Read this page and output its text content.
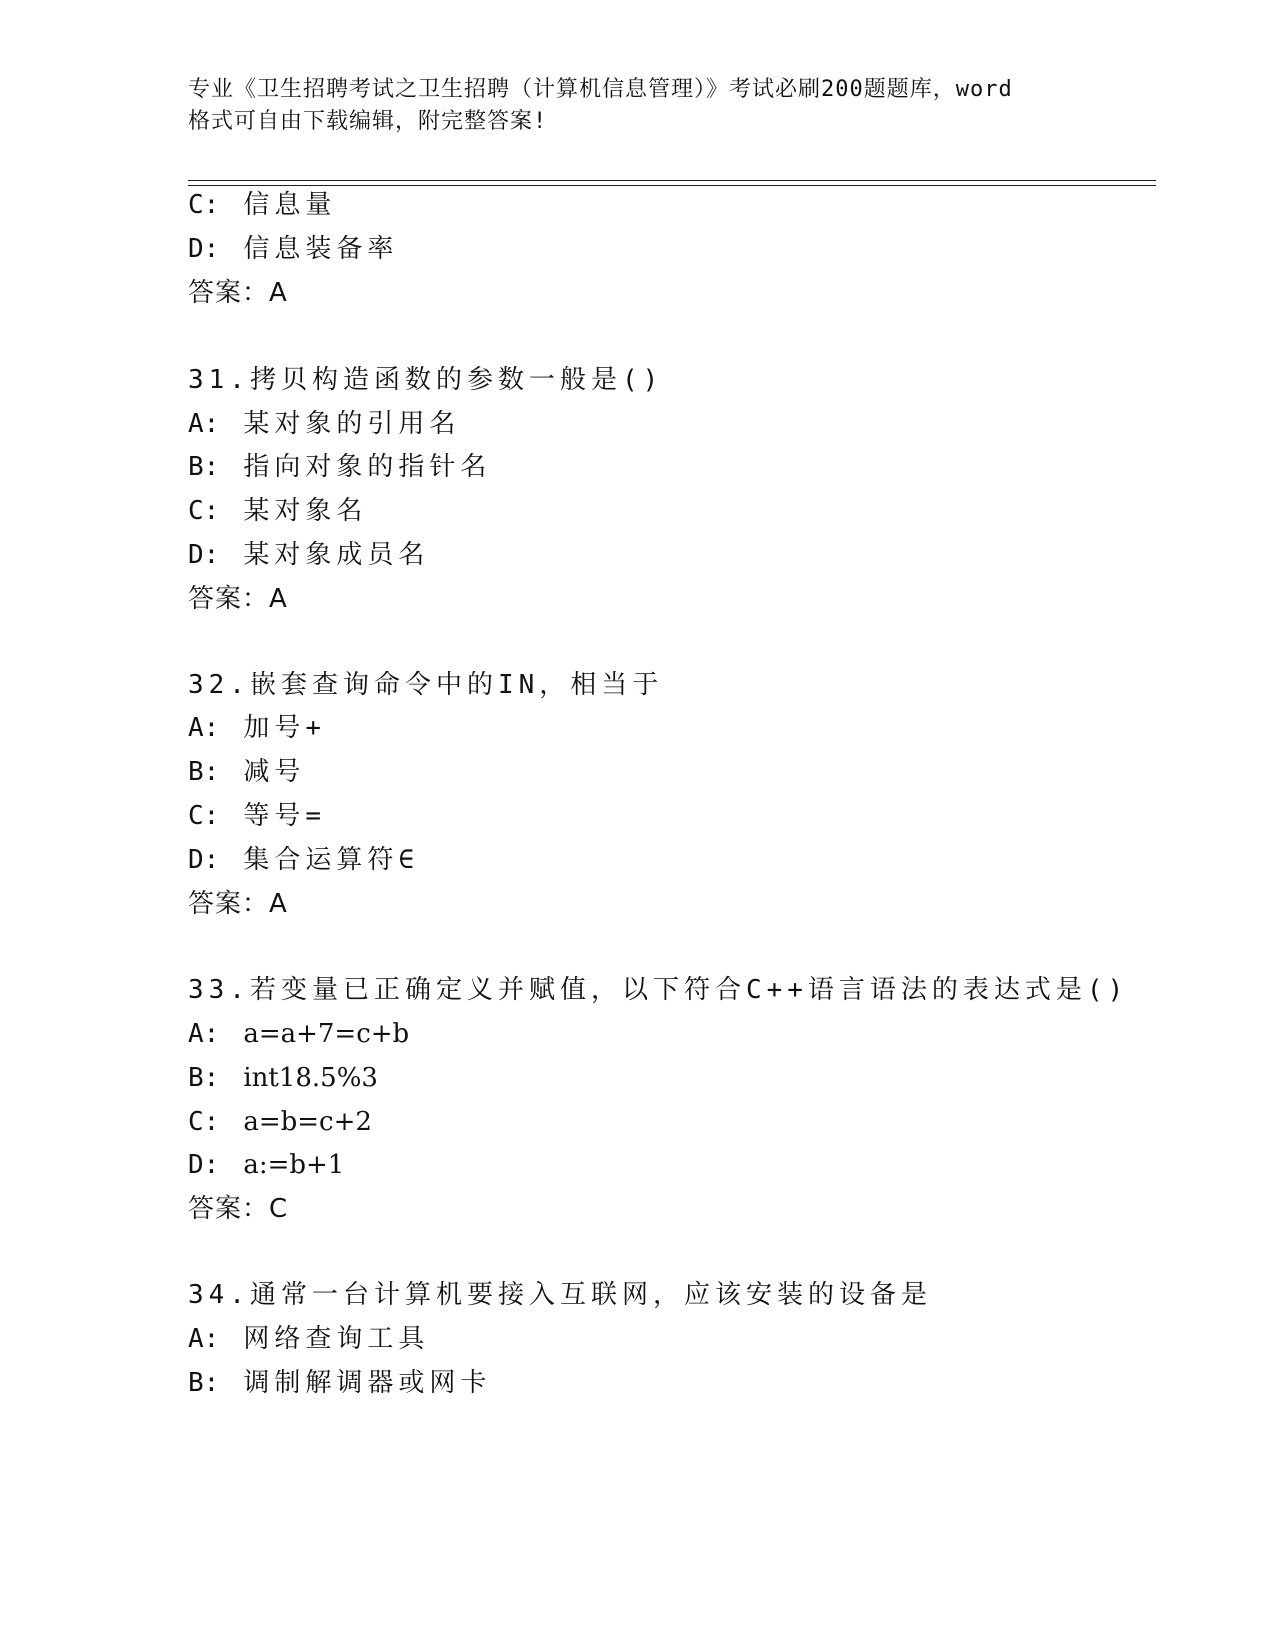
专业《卫生招聘考试之卫生招聘（计算机信息管理）》考试必刷200题题库，word
格式可自由下载编辑，附完整答案!
C: 信息量
D: 信息装备率
答案：A
31.拷贝构造函数的参数一般是()
A: 某对象的引用名
B: 指向对象的指针名
C: 某对象名
D: 某对象成员名
答案：A
32.嵌套查询命令中的IN，相当于
A: 加号+
B: 减号
C: 等号=
D: 集合运算符∈
答案：A
33.若变量已正确定义并赋值，以下符合C++语言语法的表达式是()
A: a=a+7=c+b
B: int18.5%3
C: a=b=c+2
D: a:=b+1
答案：C
34.通常一台计算机要接入互联网，应该安装的设备是
A: 网络查询工具
B: 调制解调器或网卡
